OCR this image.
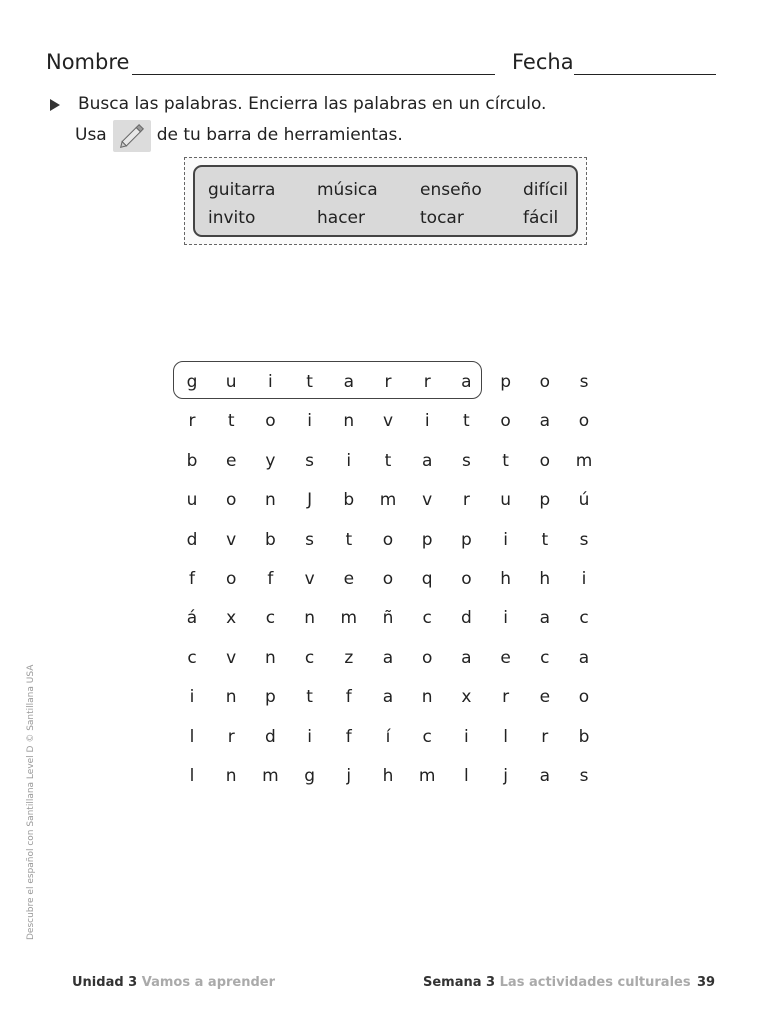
Nombre	Fecha
Busca las palabras. Encierra las palabras en un círculo.
Usa	de tu barra de herramientas.
guitarra música enseño difícil
invito	hacer	tocar	fácil
g	u	i	t	a	r	r	a	p	o	s
r	t	o	i	n	v	i	t	o	a	o
b	e	y	s	i	t	a	s	t	o	m
u	o	n	J	b	m	v	r	u	p	ú
d	v	b	s	t	o	p	p	i	t	s
f	o	f	v	e	o	q	o	h	h	i
á	x	c	n	m	ñ	c	d	i	a	c
c	v	n	c	z	a	o	a	e	c	a
i	n	p	t	f	a	n	x	r	e	o
l	r	d	i	f	í	c	i	l	r	b
l	n	m	g	j	h	m	l	j	a	s
Descubre el español con Santillana Level D © Santillana USA
Unidad 3 Vamos a aprender	Semana 3 Las actividades culturales 39
